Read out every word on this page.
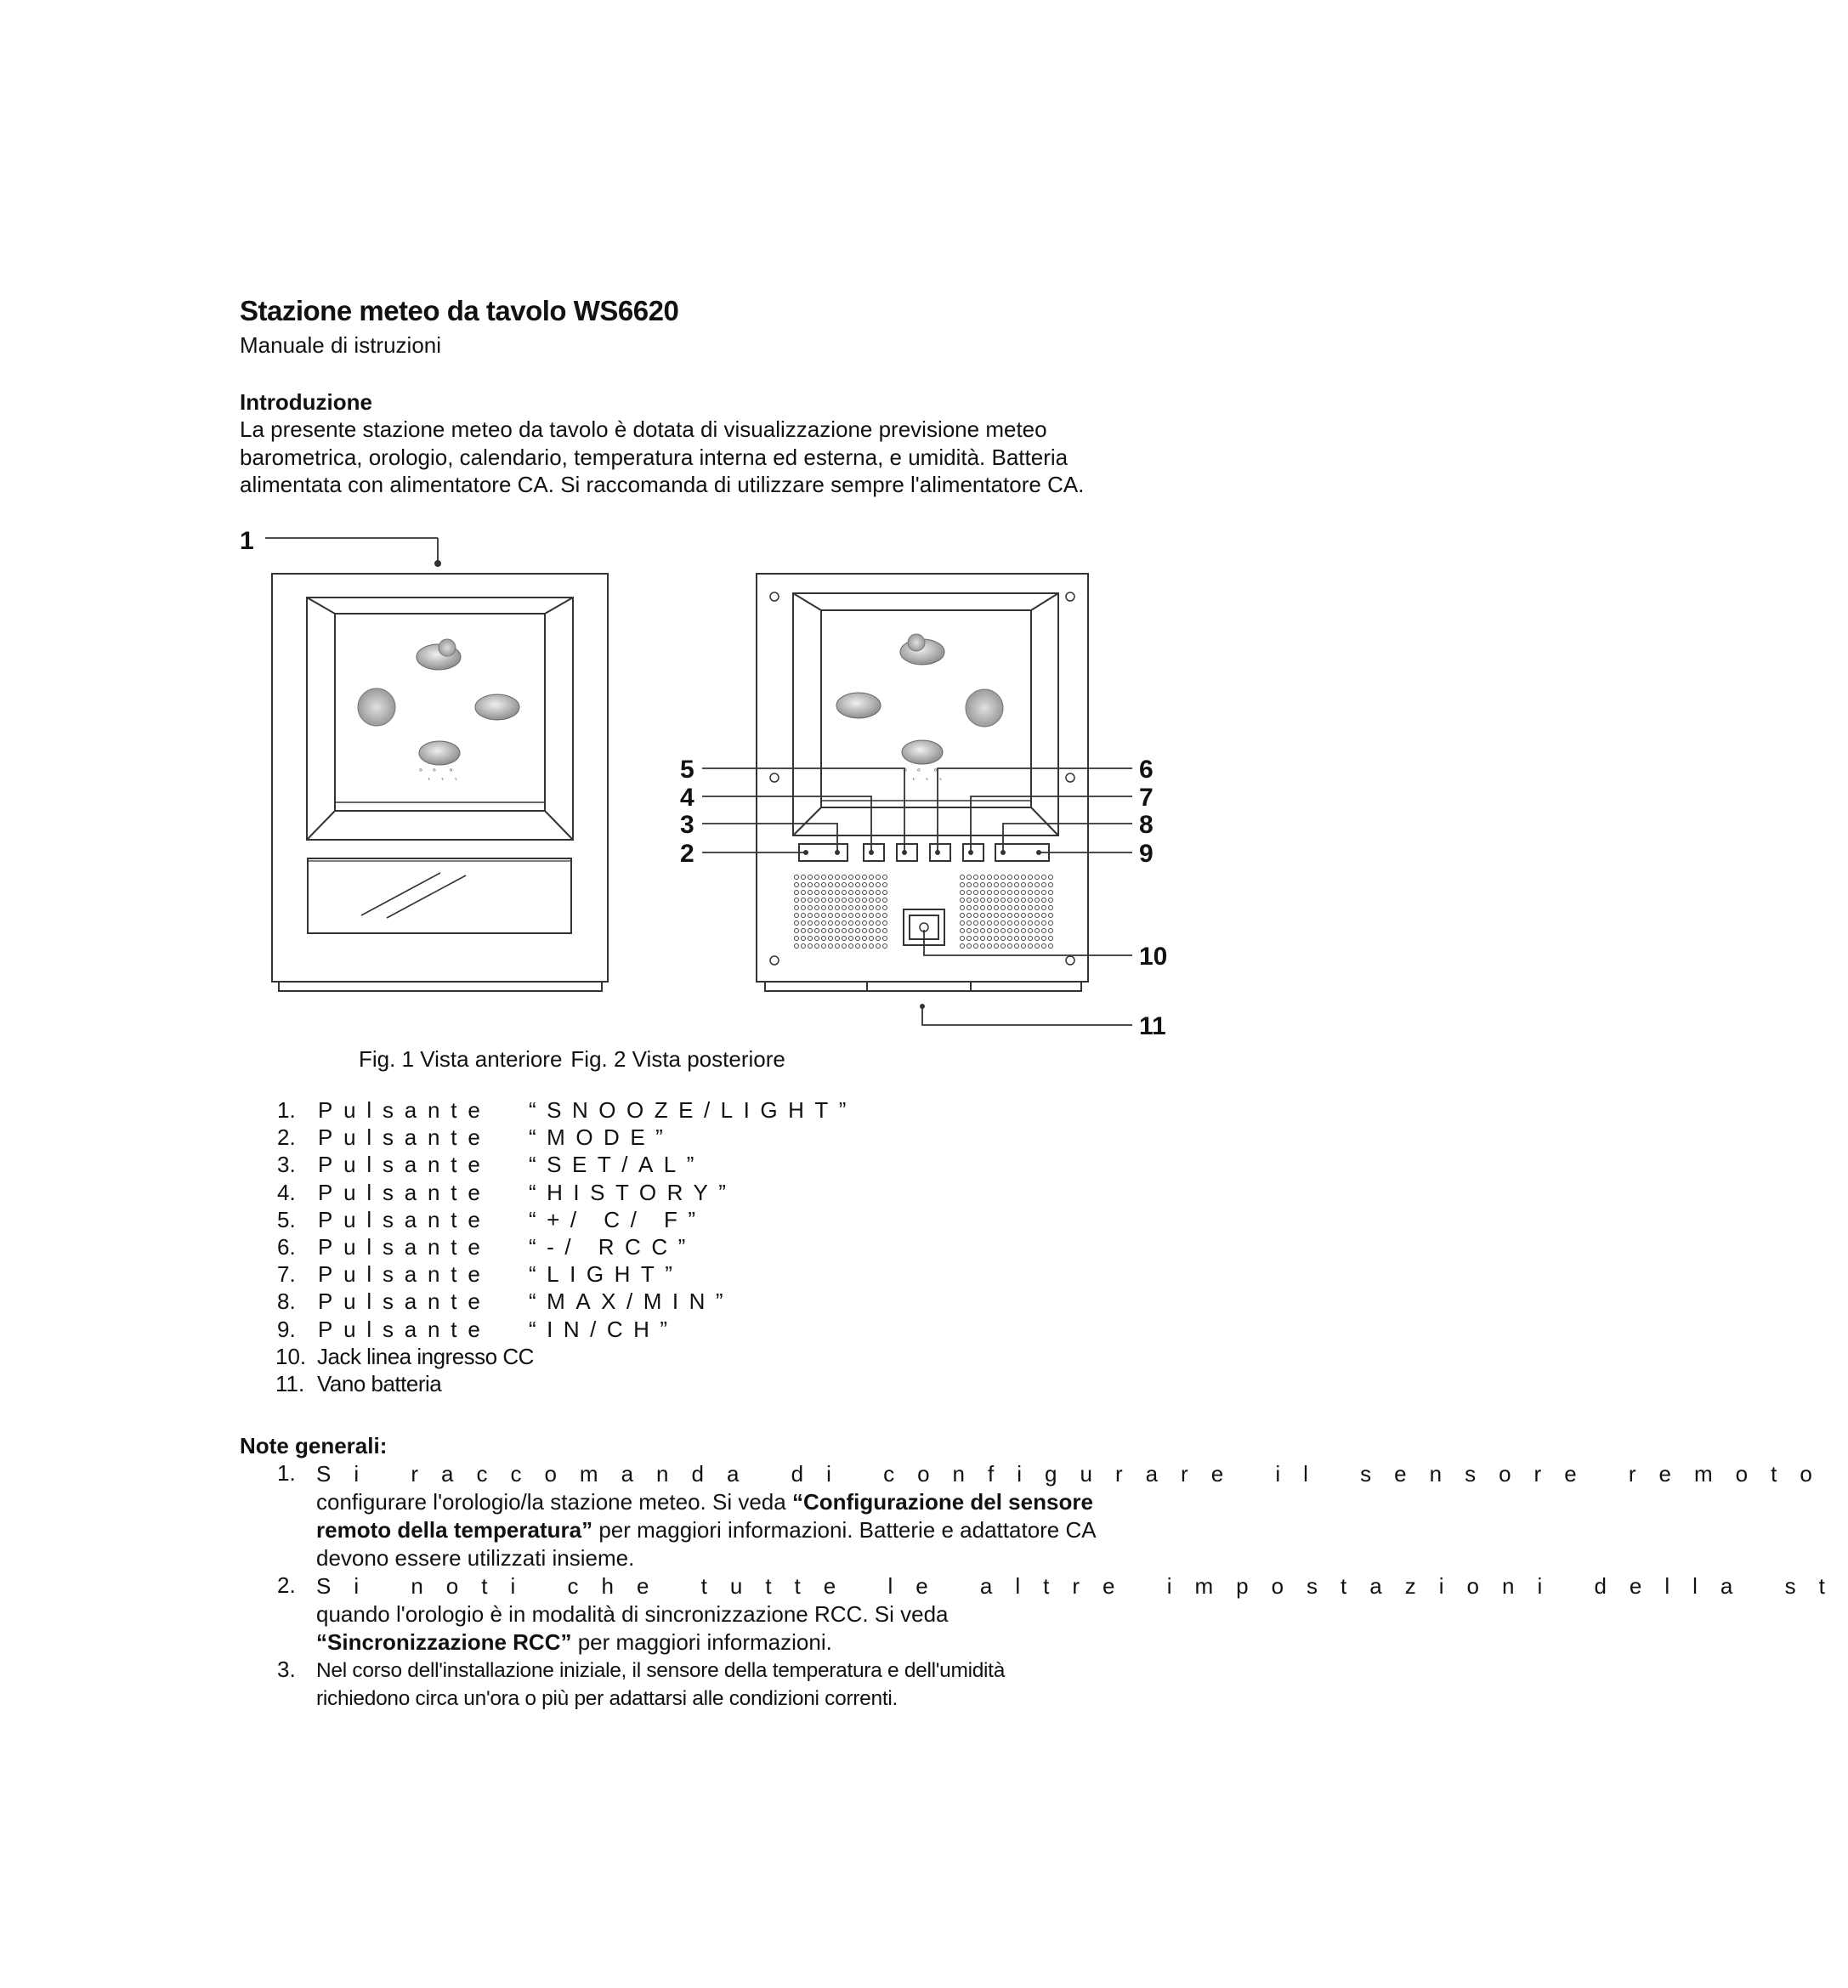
Stazione meteo da tavolo WS6620
Manuale di istruzioni
Introduzione
La presente stazione meteo da tavolo è dotata di visualizzazione previsione meteo
barometrica, orologio, calendario, temperatura interna ed esterna, e umidità. Batteria
alimentata con alimentatore CA. Si raccomanda di utilizzare sempre l'alimentatore CA.
˚ ˛˚ ˛ ˚˛	˚ ˛˚ ˛ ˚˛
1
5
4
3
2
6
7
8
9
10
11
Fig. 1 Vista anteriore Fig. 2 Vista posteriore
1. Pulsante “SNOOZE/LIGHT”
2. Pulsante “MODE”
3. Pulsante “SET/AL”
4. Pulsante “HISTORY”
5. Pulsante “+/ C/ F”
6. Pulsante “-/ RCC”
7. Pulsante “LIGHT”
8. Pulsante “MAX/MIN”
9. Pulsante “IN/CH”
10. Jack linea ingresso CC
11. Vano batteria
Note generali:
1. Si raccomanda di configurare il sensore remoto
configurare l'orologio/la stazione meteo. Si veda “Configurazione del sensore
remoto della temperatura” per maggiori informazioni. Batterie e adattatore CA
devono essere utilizzati insieme.
2. Si noti che tutte le altre impostazioni della st
quando l'orologio è in modalità di sincronizzazione RCC. Si veda
“Sincronizzazione RCC” per maggiori informazioni.
3. Nel corso dell'installazione iniziale, il sensore della temperatura e dell'umidità
richiedono circa un'ora o più per adattarsi alle condizioni correnti.
